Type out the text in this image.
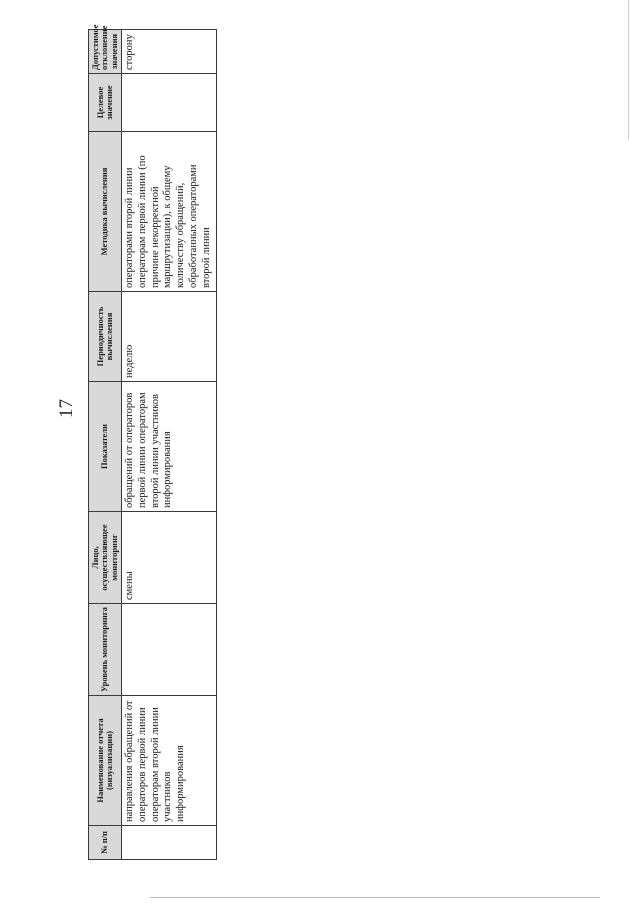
17
№ п/п	Наименование отчета (визуализации)	Уровень мониторинга	Лицо, осуществляющее мониторинг	Показатели	Периодичность вычисления	Методика вычисления	Целевое значение	Допустимое отклонение значения
	направления обращений от операторов первой линии операторам второй линии участников информирования		смены	обращений от операторов первой линии операторам второй линии участников информирования	неделю	операторами второй линии операторам первой линии (по причине некорректной маршрутизации), к общему количеству обращений, обработанных операторами второй линии		сторону
